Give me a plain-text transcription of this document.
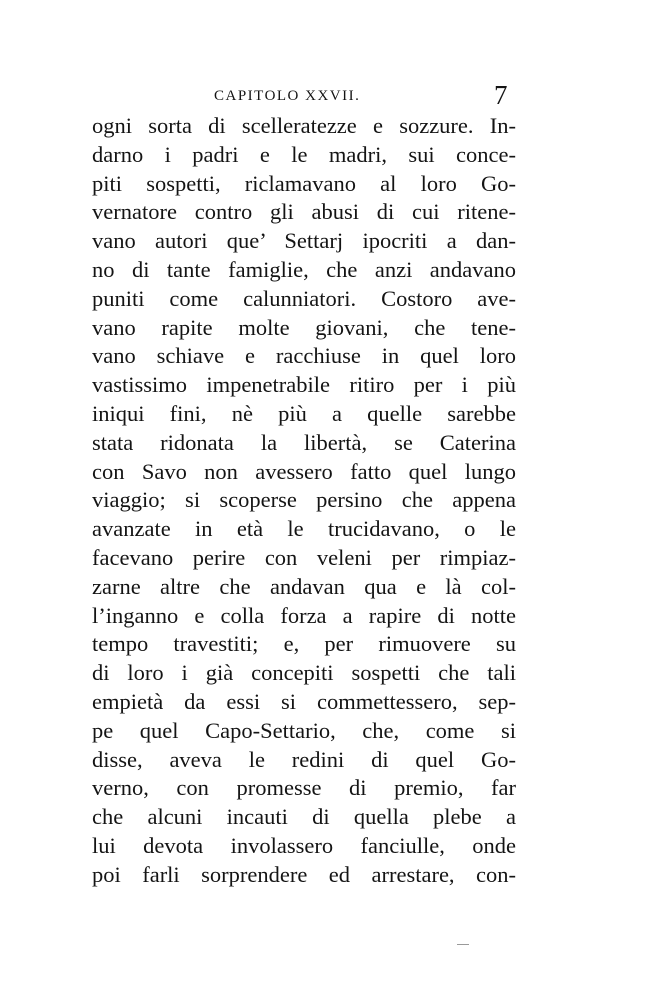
CAPITOLO XXVII.	7
ogni sorta di scelleratezze e sozzure. In-
darno i padri e le madri, sui conce-
piti sospetti, riclamavano al loro Go-
vernatore contro gli abusi di cui ritene-
vano autori que’ Settarj ipocriti a dan-
no di tante famiglie, che anzi andavano
puniti come calunniatori. Costoro ave-
vano rapite molte giovani, che tene-
vano schiave e racchiuse in quel loro
vastissimo impenetrabile ritiro per i più
iniqui fini, nè più a quelle sarebbe
stata ridonata la libertà, se Caterina
con Savo non avessero fatto quel lungo
viaggio; si scoperse persino che appena
avanzate in età le trucidavano, o le
facevano perire con veleni per rimpiaz-
zarne altre che andavan qua e là col-
l’inganno e colla forza a rapire di notte
tempo travestiti; e, per rimuovere su
di loro i già concepiti sospetti che tali
empietà da essi si commettessero, sep-
pe quel Capo-Settario, che, come si
disse, aveva le redini di quel Go-
verno, con promesse di premio, far
che alcuni incauti di quella plebe a
lui devota involassero fanciulle, onde
poi farli sorprendere ed arrestare, con-
